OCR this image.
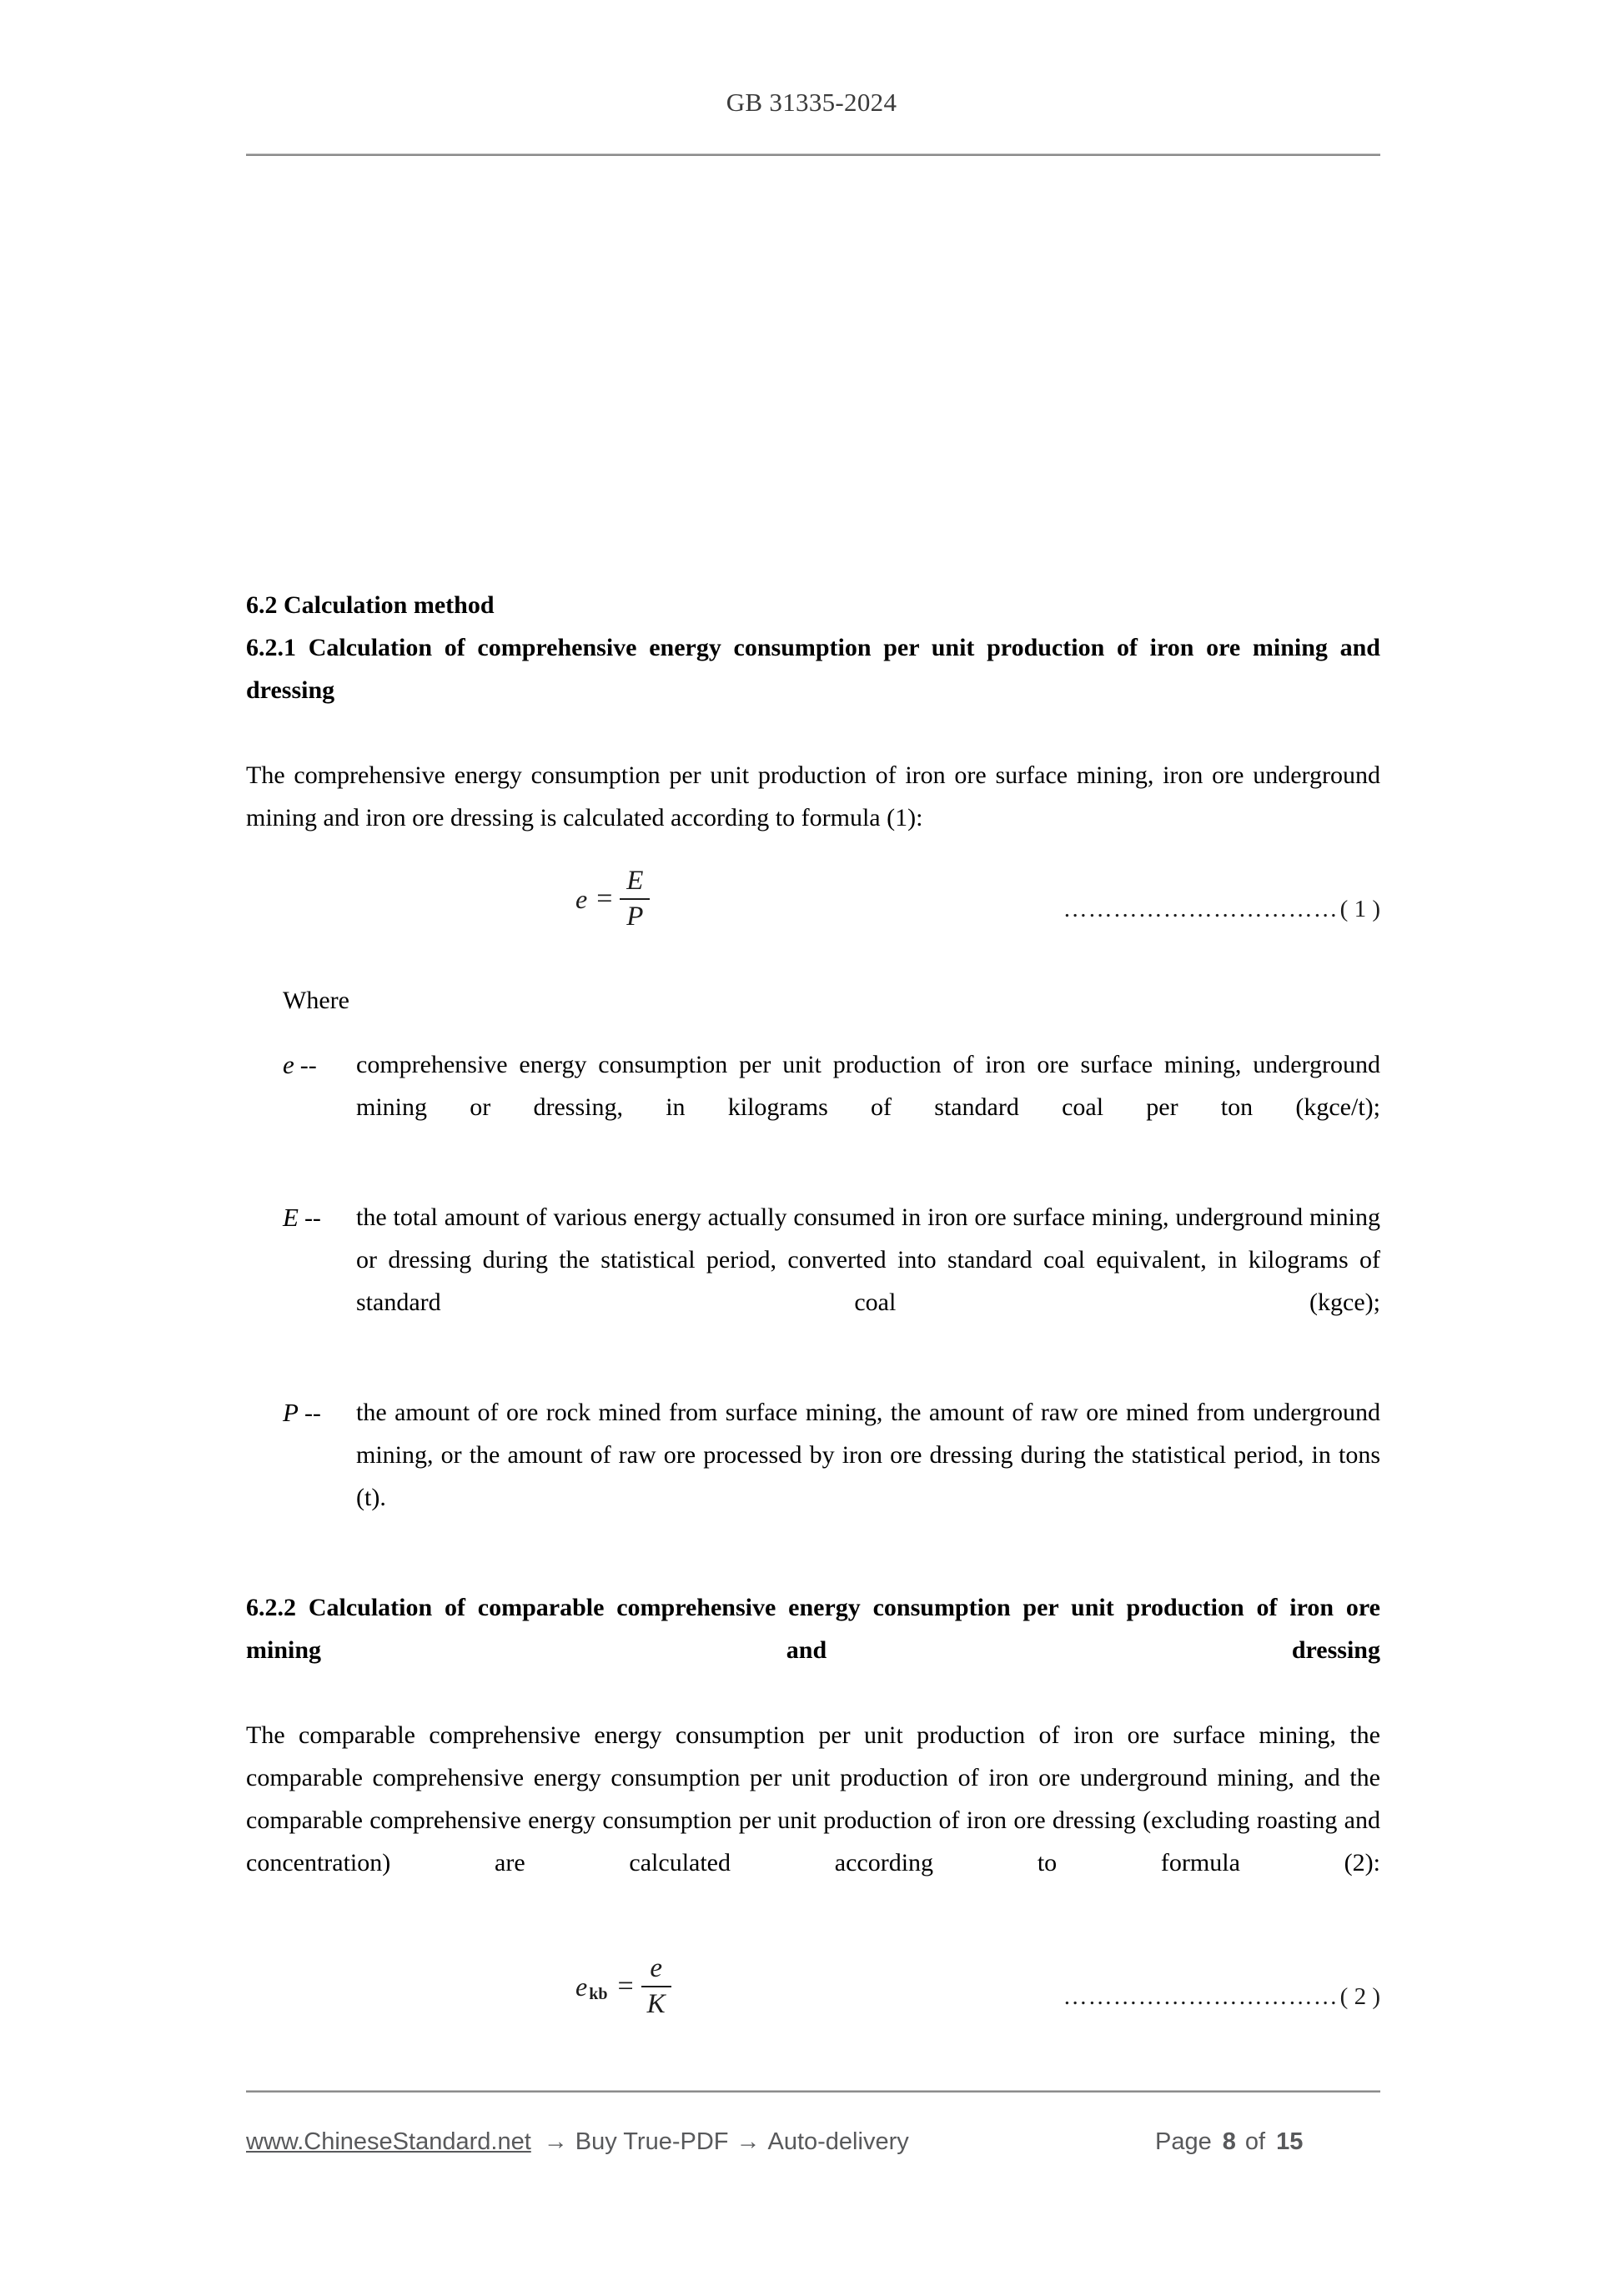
GB 31335-2024
6.2 Calculation method
6.2.1 Calculation of comprehensive energy consumption per unit production of iron ore mining and dressing

The comprehensive energy consumption per unit production of iron ore surface mining, iron ore underground mining and iron ore dressing is calculated according to formula (1):

$e = \frac{E}{P}$	……………………………( 1 )
Where
e --	comprehensive energy consumption per unit production of iron ore surface mining, underground mining or dressing, in kilograms of standard coal per ton (kgce/t);
E --	the total amount of various energy actually consumed in iron ore surface mining, underground mining or dressing during the statistical period, converted into standard coal equivalent, in kilograms of standard coal (kgce);
P --	the amount of ore rock mined from surface mining, the amount of raw ore mined from underground mining, or the amount of raw ore processed by iron ore dressing during the statistical period, in tons (t).
6.2.2 Calculation of comparable comprehensive energy consumption per unit production of iron ore mining and dressing

The comparable comprehensive energy consumption per unit production of iron ore surface mining, the comparable comprehensive energy consumption per unit production of iron ore underground mining, and the comparable comprehensive energy consumption per unit production of iron ore dressing (excluding roasting and concentration) are calculated according to formula (2):

e kb = $\frac{e}{K}$	……………………………( 2 )
www.ChineseStandard.net → Buy True-PDF → Auto-delivery	Page 8 of 15
